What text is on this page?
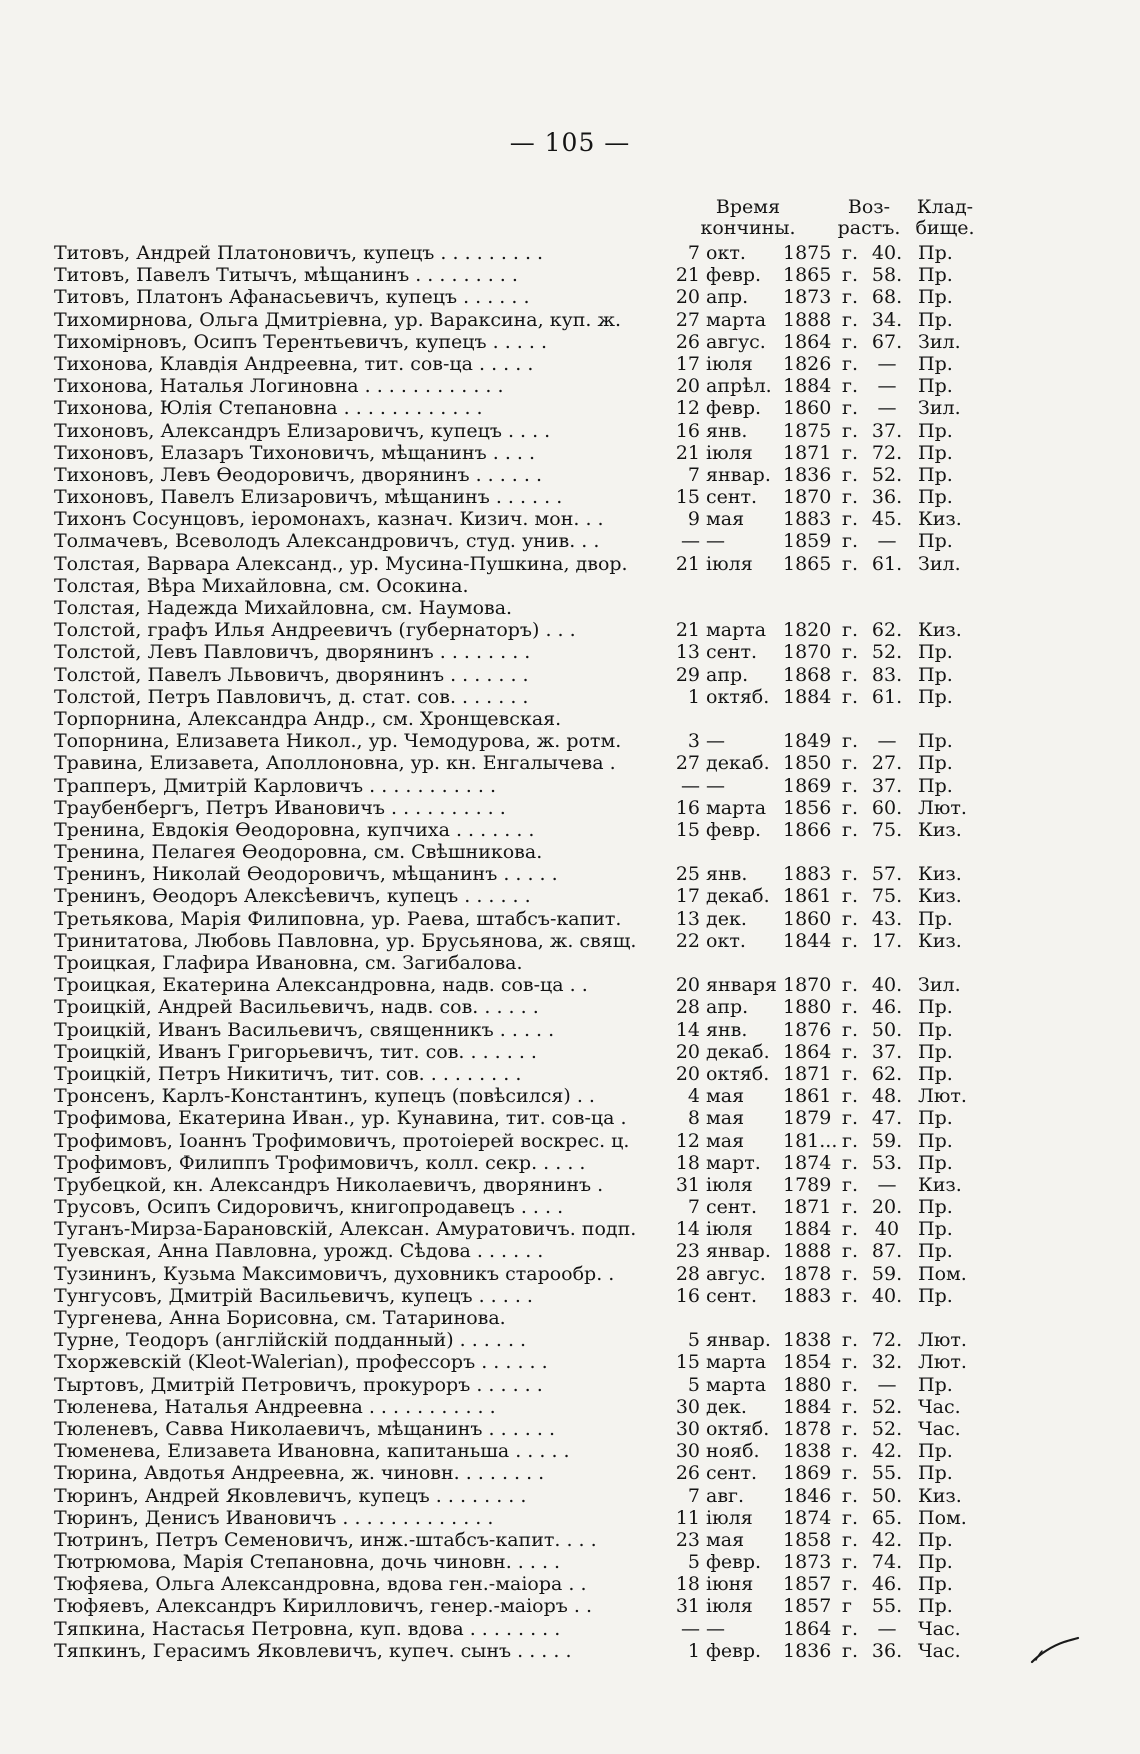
— 105 —
Время
кончины.
Воз-
растъ.
Клад-
бище.
Титовъ, Андрей Платоновичъ, купецъ . . . . . . . . .	7 окт.	1875 г. 40. Пр.
Титовъ, Павелъ Титычъ, мѣщанинъ . . . . . . . . .	21 февр.	1865 г. 58. Пр.
Титовъ, Платонъ Афанасьевичъ, купецъ . . . . . .	20 апр.	1873 г. 68. Пр.
Тихомирнова, Ольга Дмитріевна, ур. Вараксина, куп. ж.	27 марта 1888 г. 34. Пр.
Тихомірновъ, Осипъ Терентьевичъ, купецъ . . . . .	26 авгус. 1864 г. 67. Зил.
Тихонова, Клавдія Андреевна, тит. сов-ца . . . . .	17 іюля	1826 г.	—	Пр.
Тихонова, Наталья Логиновна . . . . . . . . . . . .	20 апрѣл. 1884 г.	—	Пр.
Тихонова, Юлія Степановна . . . . . . . . . . . .	12 февр.	1860 г.	—	Зил.
Тихоновъ, Александръ Елизаровичъ, купецъ . . . .	16 янв.	1875 г. 37. Пр.
Тихоновъ, Елазаръ Тихоновичъ, мѣщанинъ . . . .	21 іюля	1871 г. 72. Пр.
Тихоновъ, Левъ Ѳеодоровичъ, дворянинъ . . . . . .	7 январ. 1836 г. 52. Пр.
Тихоновъ, Павелъ Елизаровичъ, мѣщанинъ . . . . . .	15 сент.	1870 г. 36. Пр.
Тихонъ Сосунцовъ, іеромонахъ, казнач. Кизич. мон. . .	9 мая	1883 г. 45. Киз.
Толмачевъ, Всеволодъ Александровичъ, студ. унив. . .	— —	1859 г.	—	Пр.
Толстая, Варвара Александ., ур. Мусина-Пушкина, двор.	21 іюля	1865 г. 61. Зил.
Толстая, Вѣра Михайловна, см. Осокина.
Толстая, Надежда Михайловна, см. Наумова.
Толстой, графъ Илья Андреевичъ (губернаторъ) . . .	21 марта 1820 г. 62. Киз.
Толстой, Левъ Павловичъ, дворянинъ . . . . . . . .	13 сент.	1870 г. 52. Пр.
Толстой, Павелъ Львовичъ, дворянинъ . . . . . . .	29 апр.	1868 г. 83. Пр.
Толстой, Петръ Павловичъ, д. стат. сов. . . . . . .	1 октяб. 1884 г. 61. Пр.
Торпорнина, Александра Андр., см. Хронщевская.
Топорнина, Елизавета Никол., ур. Чемодурова, ж. ротм.	3 —	1849 г.	—	Пр.
Травина, Елизавета, Аполлоновна, ур. кн. Енгалычева .	27 декаб. 1850 г. 27. Пр.
Трапперъ, Дмитрій Карловичъ . . . . . . . . . . .	— —	1869 г. 37. Пр.
Траубенбергъ, Петръ Ивановичъ . . . . . . . . . .	16 марта 1856 г. 60. Лют.
Тренина, Евдокія Ѳеодоровна, купчиха . . . . . . .	15 февр.	1866 г. 75. Киз.
Тренина, Пелагея Ѳеодоровна, см. Свѣшникова.
Тренинъ, Николай Ѳеодоровичъ, мѣщанинъ . . . . .	25 янв.	1883 г. 57. Киз.
Тренинъ, Ѳеодоръ Алексѣевичъ, купецъ . . . . . .	17 декаб. 1861 г. 75. Киз.
Третьякова, Марія Филиповна, ур. Раева, штабсъ-капит.	13 дек.	1860 г. 43. Пр.
Тринитатова, Любовь Павловна, ур. Брусьянова, ж. свящ.	22 окт.	1844 г. 17. Киз.
Троицкая, Глафира Ивановна, см. Загибалова.
Троицкая, Екатерина Александровна, надв. сов-ца . .	20 января 1870 г. 40. Зил.
Троицкій, Андрей Васильевичъ, надв. сов. . . . . .	28 апр.	1880 г. 46. Пр.
Троицкій, Иванъ Васильевичъ, священникъ . . . . .	14 янв.	1876 г. 50. Пр.
Троицкій, Иванъ Григорьевичъ, тит. сов. . . . . . .	20 декаб. 1864 г. 37. Пр.
Троицкій, Петръ Никитичъ, тит. сов. . . . . . . . .	20 октяб. 1871 г. 62. Пр.
Тронсенъ, Карлъ-Константинъ, купецъ (повѣсился) . .	4 мая	1861 г. 48. Лют.
Трофимова, Екатерина Иван., ур. Кунавина, тит. сов-ца .	8 мая	1879 г. 47. Пр.
Трофимовъ, Іоаннъ Трофимовичъ, протоіерей воскрес. ц.	12 мая	181... г. 59. Пр.
Трофимовъ, Филиппъ Трофимовичъ, колл. секр. . . . .	18 март.	1874 г. 53. Пр.
Трубецкой, кн. Александръ Николаевичъ, дворянинъ .	31 іюля	1789 г.	—	Киз.
Трусовъ, Осипъ Сидоровичъ, книгопродавецъ . . . .	7 сент.	1871 г. 20. Пр.
Туганъ-Мирза-Барановскій, Алексан. Амуратовичъ. подп.	14 іюля	1884 г. 40 Пр.
Туевская, Анна Павловна, урожд. Сѣдова . . . . . .	23 январ. 1888 г. 87. Пр.
Тузининъ, Кузьма Максимовичъ, духовникъ старообр. .	28 авгус. 1878 г. 59. Пом.
Тунгусовъ, Дмитрій Васильевичъ, купецъ . . . . .	16 сент.	1883 г. 40. Пр.
Тургенева, Анна Борисовна, см. Татаринова.
Турне, Теодоръ (англійскій подданный) . . . . . .	5 январ. 1838 г. 72. Лют.
Тхоржевскій (Kleot-Walerian), профессоръ . . . . . .	15 марта 1854 г. 32. Лют.
Тыртовъ, Дмитрій Петровичъ, прокуроръ . . . . . .	5 марта 1880 г.	—	Пр.
Тюленева, Наталья Андреевна . . . . . . . . . . .	30 дек.	1884 г. 52. Час.
Тюленевъ, Савва Николаевичъ, мѣщанинъ . . . . . .	30 октяб. 1878 г. 52. Час.
Тюменева, Елизавета Ивановна, капитаньша . . . . .	30 нояб.	1838 г. 42. Пр.
Тюрина, Авдотья Андреевна, ж. чиновн. . . . . . . .	26 сент.	1869 г. 55. Пр.
Тюринъ, Андрей Яковлевичъ, купецъ . . . . . . . .	7 авг.	1846 г. 50. Киз.
Тюринъ, Денисъ Ивановичъ . . . . . . . . . . . . .	11 іюля	1874 г. 65. Пом.
Тютринъ, Петръ Семеновичъ, инж.-штабсъ-капит. . . .	23 мая	1858 г. 42. Пр.
Тютрюмова, Марія Степановна, дочь чиновн. . . . .	5 февр.	1873 г. 74. Пр.
Тюфяева, Ольга Александровна, вдова ген.-маіора . .	18 іюня	1857 г. 46. Пр.
Тюфяевъ, Александръ Кирилловичъ, генер.-маіоръ . .	31 іюля	1857 г	55. Пр.
Тяпкина, Настасья Петровна, куп. вдова . . . . . . . .	— —	1864 г.	—	Час.
Тяпкинъ, Герасимъ Яковлевичъ, купеч. сынъ . . . . .	1 февр.	1836 г. 36. Час.
